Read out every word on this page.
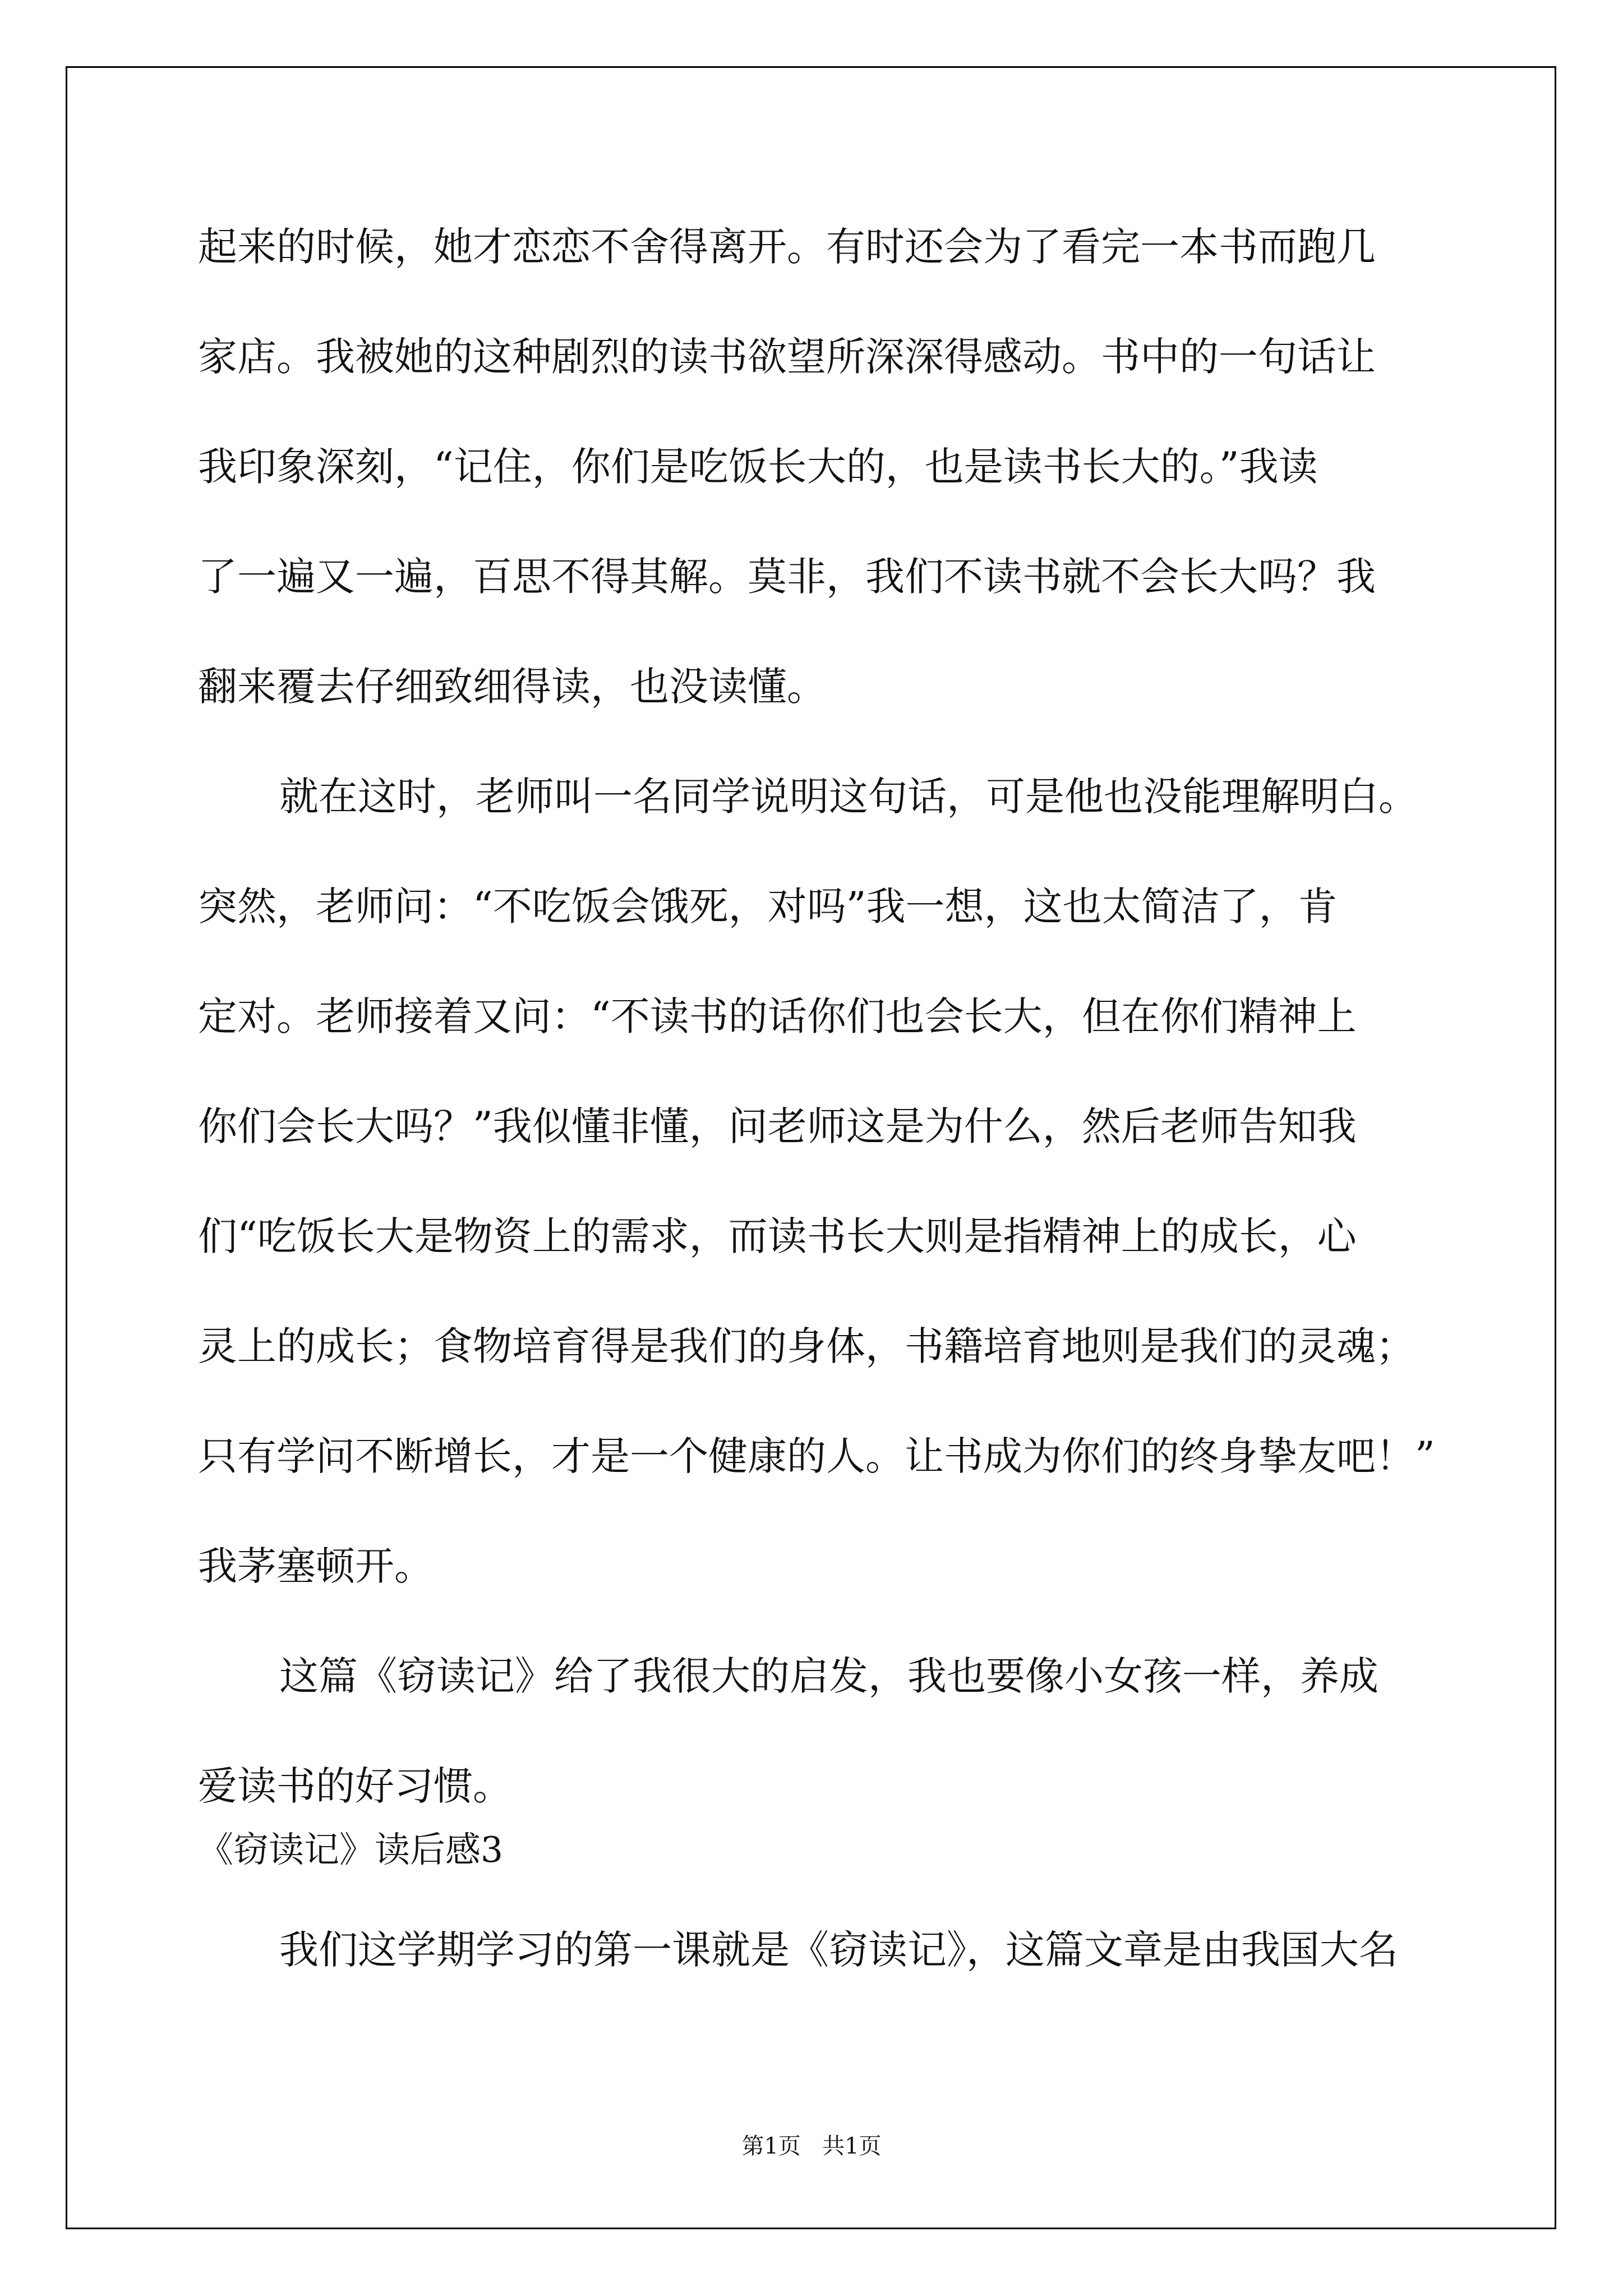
起来的时候，她才恋恋不舍得离开。有时还会为了看完一本书而跑几

家店。我被她的这种剧烈的读书欲望所深深得感动。书中的一句话让

我印象深刻，“记住，你们是吃饭长大的，也是读书长大的。”我读

了一遍又一遍，百思不得其解。莫非，我们不读书就不会长大吗？我

翻来覆去仔细致细得读，也没读懂。

就在这时，老师叫一名同学说明这句话，可是他也没能理解明白。

突然，老师问：“不吃饭会饿死，对吗”我一想，这也太简洁了，肯

定对。老师接着又问：“不读书的话你们也会长大，但在你们精神上

你们会长大吗？”我似懂非懂，问老师这是为什么，然后老师告知我

们“吃饭长大是物资上的需求，而读书长大则是指精神上的成长，心

灵上的成长；食物培育得是我们的身体，书籍培育地则是我们的灵魂；

只有学问不断增长，才是一个健康的人。让书成为你们的终身挚友吧！”

我茅塞顿开。

这篇《窃读记》给了我很大的启发，我也要像小女孩一样，养成

爱读书的好习惯。

《窃读记》读后感3

我们这学期学习的第一课就是《窃读记》，这篇文章是由我国大名

第1页 共1页
